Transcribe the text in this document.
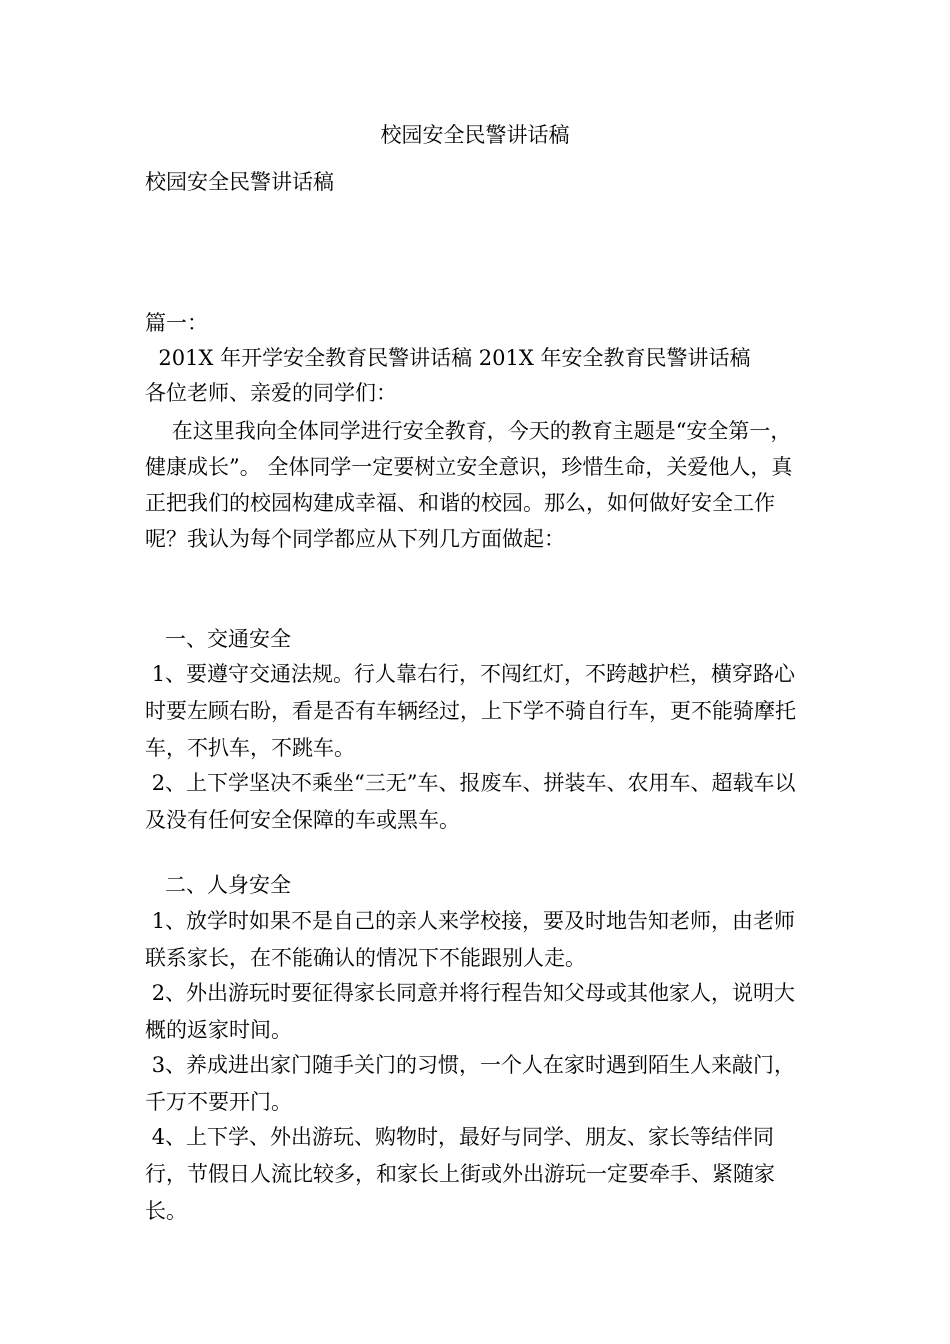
校园安全民警讲话稿
校园安全民警讲话稿
篇一：
201X 年开学安全教育民警讲话稿 201X 年安全教育民警讲话稿
各位老师、亲爱的同学们：
在这里我向全体同学进行安全教育，今天的教育主题是“安全第一，健康成长”。 全体同学一定要树立安全意识，珍惜生命，关爱他人，真正把我们的校园构建成幸福、和谐的校园。那么，如何做好安全工作呢？我认为每个同学都应从下列几方面做起：
一、交通安全
1、要遵守交通法规。行人靠右行，不闯红灯，不跨越护栏，横穿路心时要左顾右盼，看是否有车辆经过，上下学不骑自行车，更不能骑摩托车，不扒车，不跳车。
2、上下学坚决不乘坐“三无”车、报废车、拼装车、农用车、超载车以及没有任何安全保障的车或黑车。
二、人身安全
1、放学时如果不是自己的亲人来学校接，要及时地告知老师，由老师联系家长，在不能确认的情况下不能跟别人走。
2、外出游玩时要征得家长同意并将行程告知父母或其他家人，说明大概的返家时间。
3、养成进出家门随手关门的习惯，一个人在家时遇到陌生人来敲门，千万不要开门。
4、上下学、外出游玩、购物时，最好与同学、朋友、家长等结伴同行，节假日人流比较多，和家长上街或外出游玩一定要牵手、紧随家长。
